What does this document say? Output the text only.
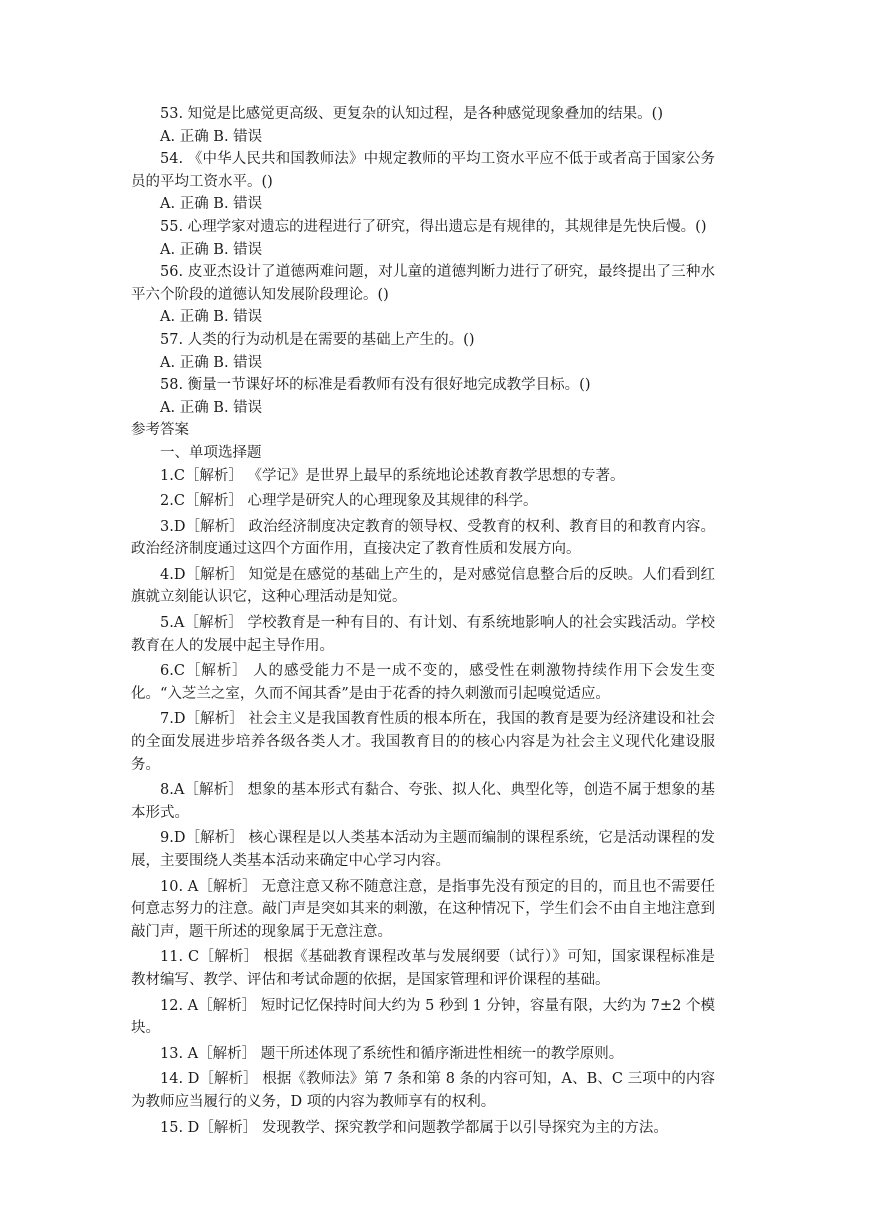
53. 知觉是比感觉更高级、更复杂的认知过程，是各种感觉现象叠加的结果。()
A. 正确 B. 错误
54. 《中华人民共和国教师法》中规定教师的平均工资水平应不低于或者高于国家公务员的平均工资水平。()
A. 正确 B. 错误
55. 心理学家对遗忘的进程进行了研究，得出遗忘是有规律的，其规律是先快后慢。()
A. 正确 B. 错误
56. 皮亚杰设计了道德两难问题，对儿童的道德判断力进行了研究，最终提出了三种水平六个阶段的道德认知发展阶段理论。()
A. 正确 B. 错误
57. 人类的行为动机是在需要的基础上产生的。()
A. 正确 B. 错误
58. 衡量一节课好坏的标准是看教师有没有很好地完成教学目标。()
A. 正确 B. 错误
参考答案
一、单项选择题
1.C［解析］ 《学记》是世界上最早的系统地论述教育教学思想的专著。
2.C［解析］ 心理学是研究人的心理现象及其规律的科学。
3.D［解析］ 政治经济制度决定教育的领导权、受教育的权利、教育目的和教育内容。政治经济制度通过这四个方面作用，直接决定了教育性质和发展方向。
4.D［解析］ 知觉是在感觉的基础上产生的，是对感觉信息整合后的反映。人们看到红旗就立刻能认识它，这种心理活动是知觉。
5.A［解析］ 学校教育是一种有目的、有计划、有系统地影响人的社会实践活动。学校教育在人的发展中起主导作用。
6.C［解析］ 人的感受能力不是一成不变的，感受性在刺激物持续作用下会发生变化。“入芝兰之室，久而不闻其香”是由于花香的持久刺激而引起嗅觉适应。
7.D［解析］ 社会主义是我国教育性质的根本所在，我国的教育是要为经济建设和社会的全面发展进步培养各级各类人才。我国教育目的的核心内容是为社会主义现代化建设服务。
8.A［解析］ 想象的基本形式有黏合、夸张、拟人化、典型化等，创造不属于想象的基本形式。
9.D［解析］ 核心课程是以人类基本活动为主题而编制的课程系统，它是活动课程的发展，主要围绕人类基本活动来确定中心学习内容。
10. A［解析］ 无意注意又称不随意注意，是指事先没有预定的目的，而且也不需要任何意志努力的注意。敲门声是突如其来的刺激，在这种情况下，学生们会不由自主地注意到敲门声，题干所述的现象属于无意注意。
11. C［解析］ 根据《基础教育课程改革与发展纲要（试行）》可知，国家课程标准是教材编写、教学、评估和考试命题的依据，是国家管理和评价课程的基础。
12. A［解析］ 短时记忆保持时间大约为 5 秒到 1 分钟，容量有限，大约为 7±2 个模块。
13. A［解析］ 题干所述体现了系统性和循序渐进性相统一的教学原则。
14. D［解析］ 根据《教师法》第 7 条和第 8 条的内容可知，A、B、C 三项中的内容为教师应当履行的义务，D 项的内容为教师享有的权利。
15. D［解析］ 发现教学、探究教学和问题教学都属于以引导探究为主的方法。
